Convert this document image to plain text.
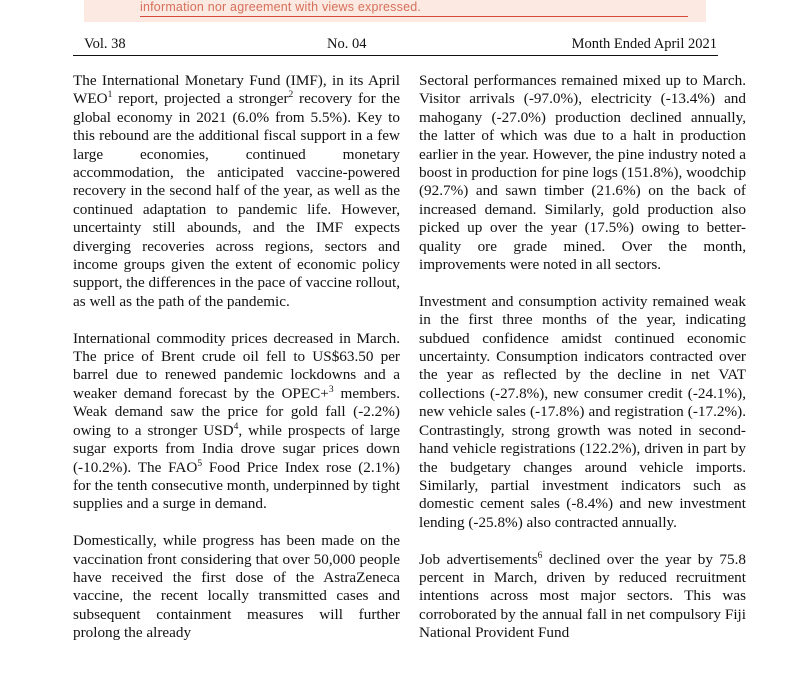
information nor agreement with views expressed.
Vol. 38	No. 04	Month Ended April 2021

The International Monetary Fund (IMF), in its April WEO$^1$ report, projected a stronger$^2$ recovery for the global economy in 2021 (6.0% from 5.5%). Key to this rebound are the additional fiscal support in a few large economies, continued monetary accommodation, the anticipated vaccine-powered recovery in the second half of the year, as well as the continued adaptation to pandemic life. However, uncertainty still abounds, and the IMF expects diverging recoveries across regions, sectors and income groups given the extent of economic policy support, the differences in the pace of vaccine rollout, as well as the path of the pandemic.

International commodity prices decreased in March. The price of Brent crude oil fell to US$63.50 per barrel due to renewed pandemic lockdowns and a weaker demand forecast by the OPEC+$^3$ members. Weak demand saw the price for gold fall (-2.2%) owing to a stronger USD$^4$, while prospects of large sugar exports from India drove sugar prices down (-10.2%). The FAO$^5$ Food Price Index rose (2.1%) for the tenth consecutive month, underpinned by tight supplies and a surge in demand.

Domestically, while progress has been made on the vaccination front considering that over 50,000 people have received the first dose of the AstraZeneca vaccine, the recent locally transmitted cases and subsequent containment measures will further prolong the already

Sectoral performances remained mixed up to March. Visitor arrivals (-97.0%), electricity (-13.4%) and mahogany (-27.0%) production declined annually, the latter of which was due to a halt in production earlier in the year. However, the pine industry noted a boost in production for pine logs (151.8%), woodchip (92.7%) and sawn timber (21.6%) on the back of increased demand. Similarly, gold production also picked up over the year (17.5%) owing to better-quality ore grade mined. Over the month, improvements were noted in all sectors.

Investment and consumption activity remained weak in the first three months of the year, indicating subdued confidence amidst continued economic uncertainty. Consumption indicators contracted over the year as reflected by the decline in net VAT collections (-27.8%), new consumer credit (-24.1%), new vehicle sales (-17.8%) and registration (-17.2%). Contrastingly, strong growth was noted in second-hand vehicle registrations (122.2%), driven in part by the budgetary changes around vehicle imports. Similarly, partial investment indicators such as domestic cement sales (-8.4%) and new investment lending (-25.8%) also contracted annually.

Job advertisements$^6$ declined over the year by 75.8 percent in March, driven by reduced recruitment intentions across most major sectors. This was corroborated by the annual fall in net compulsory Fiji National Provident Fund
